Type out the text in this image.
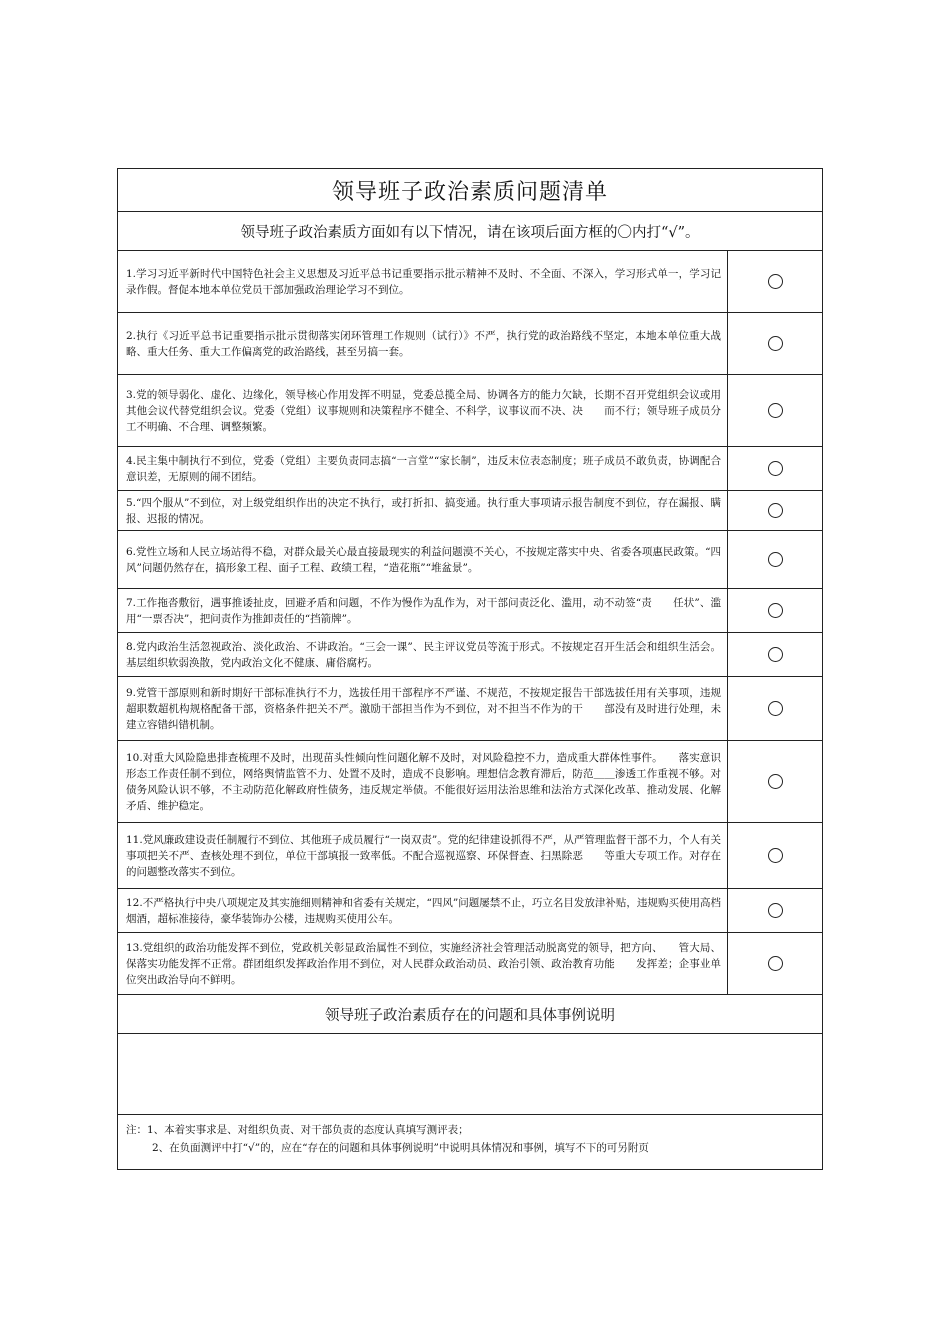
领导班子政治素质问题清单
领导班子政治素质方面如有以下情况，请在该项后面方框的〇内打“√”。
1.学习习近平新时代中国特色社会主义思想及习近平总书记重要指示批示精神不及时、不全面、不深入，学习形式单一，学习记录作假。督促本地本单位党员干部加强政治理论学习不到位。
2.执行《习近平总书记重要指示批示贯彻落实闭环管理工作规则（试行）》不严，执行党的政治路线不坚定，本地本单位重大战略、重大任务、重大工作偏离党的政治路线，甚至另搞一套。
3.党的领导弱化、虚化、边缘化，领导核心作用发挥不明显，党委总揽全局、协调各方的能力欠缺，长期不召开党组织会议或用其他会议代替党组织会议。党委（党组）议事规则和决策程序不健全、不科学，议事议而不决、决　　而不行；领导班子成员分工不明确、不合理、调整频繁。
4.民主集中制执行不到位，党委（党组）主要负责同志搞“一言堂”“家长制”，违反末位表态制度；班子成员不敢负责，协调配合意识差，无原则的闹不团结。
5.“四个服从”不到位，对上级党组织作出的决定不执行，或打折扣、搞变通。执行重大事项请示报告制度不到位，存在漏报、瞒报、迟报的情况。
6.党性立场和人民立场站得不稳，对群众最关心最直接最现实的利益问题漠不关心，不按规定落实中央、省委各项惠民政策。“四风”问题仍然存在，搞形象工程、面子工程、政绩工程，“造花瓶”“堆盆景”。
7.工作拖沓敷衍，遇事推诿扯皮，回避矛盾和问题，不作为慢作为乱作为，对干部问责泛化、滥用，动不动签“责　　任状”、滥用“一票否决”，把问责作为推卸责任的“挡箭牌”。
8.党内政治生活忽视政治、淡化政治、不讲政治。“三会一课”、民主评议党员等流于形式。不按规定召开生活会和组织生活会。基层组织软弱涣散，党内政治文化不健康、庸俗腐朽。
9.党管干部原则和新时期好干部标准执行不力，选拔任用干部程序不严谨、不规范，不按规定报告干部选拔任用有关事项，违规超职数超机构规格配备干部，资格条件把关不严。激励干部担当作为不到位，对不担当不作为的干　　部没有及时进行处理，未建立容错纠错机制。
10.对重大风险隐患排查梳理不及时，出现苗头性倾向性问题化解不及时，对风险稳控不力，造成重大群体性事件。　　落实意识形态工作责任制不到位，网络舆情监管不力、处置不及时，造成不良影响。理想信念教育滞后，防范＿＿渗透工作重视不够。对债务风险认识不够，不主动防范化解政府性债务，违反规定举债。不能很好运用法治思维和法治方式深化改革、推动发展、化解矛盾、维护稳定。
11.党风廉政建设责任制履行不到位、其他班子成员履行“一岗双责”。党的纪律建设抓得不严，从严管理监督干部不力，个人有关事项把关不严、查核处理不到位，单位干部填报一致率低。不配合巡视巡察、环保督查、扫黑除恶　　等重大专项工作。对存在的问题整改落实不到位。
12.不严格执行中央八项规定及其实施细则精神和省委有关规定，“四风”问题屡禁不止，巧立名目发放津补贴，违规购买使用高档烟酒，超标准接待，豪华装饰办公楼，违规购买使用公车。
13.党组织的政治功能发挥不到位，党政机关彰显政治属性不到位，实施经济社会管理活动脱离党的领导，把方向、　　管大局、保落实功能发挥不正常。群团组织发挥政治作用不到位，对人民群众政治动员、政治引领、政治教育功能　　发挥差；企事业单位突出政治导向不鲜明。
领导班子政治素质存在的问题和具体事例说明
注：1、本着实事求是、对组织负责、对干部负责的态度认真填写测评表；
2、在负面测评中打“√”的，应在“存在的问题和具体事例说明”中说明具体情况和事例，填写不下的可另附页
